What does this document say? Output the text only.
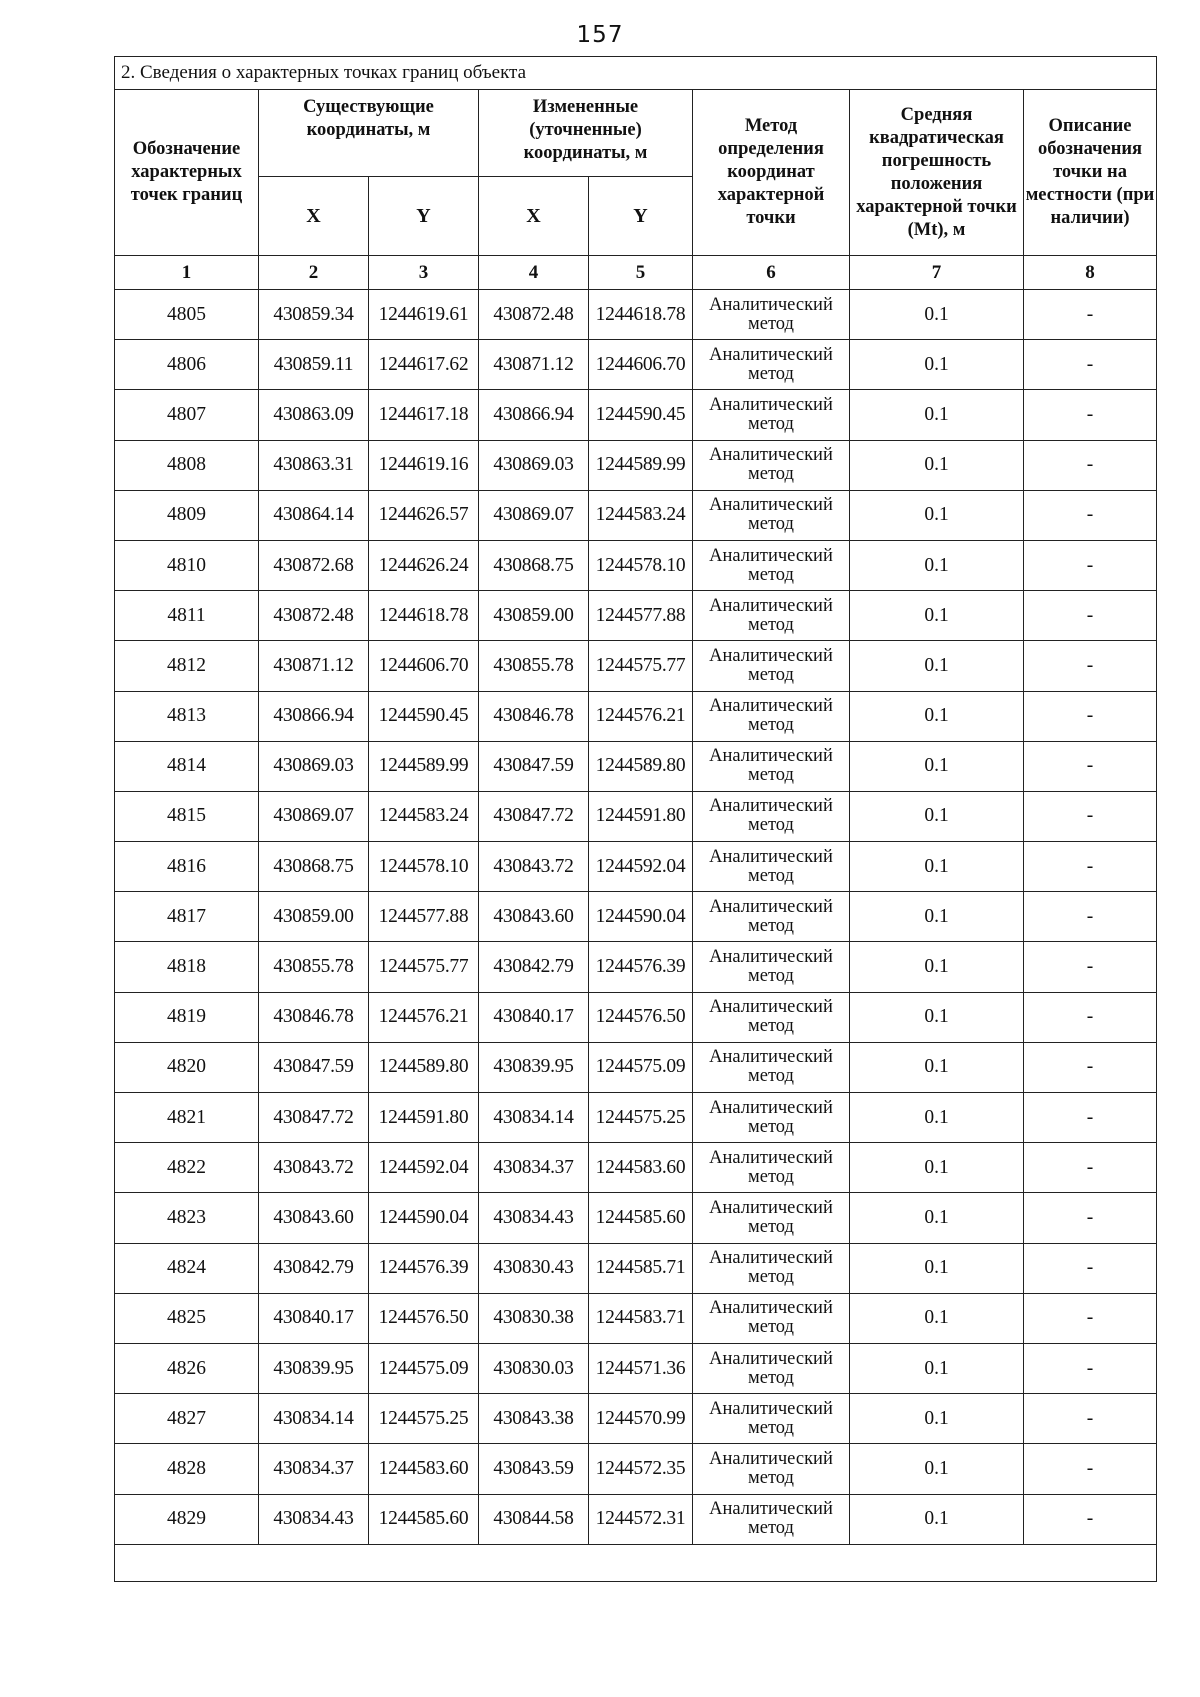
157
2. Сведения о характерных точках границ объекта							
Обозначение характерных точек границ	Существующие координаты, м		Измененные (уточненные) координаты, м		Метод определения координат характерной точки	Средняя квадратическая погрешность положения характерной точки (Mt), м	Описание обозначения точки на местности (при наличии)
	X	Y	X	Y			
1	2	3	4	5	6	7	8
4805	430859.34	1244619.61	430872.48	1244618.78	Аналитический метод	0.1	-
4806	430859.11	1244617.62	430871.12	1244606.70	Аналитический метод	0.1	-
4807	430863.09	1244617.18	430866.94	1244590.45	Аналитический метод	0.1	-
4808	430863.31	1244619.16	430869.03	1244589.99	Аналитический метод	0.1	-
4809	430864.14	1244626.57	430869.07	1244583.24	Аналитический метод	0.1	-
4810	430872.68	1244626.24	430868.75	1244578.10	Аналитический метод	0.1	-
4811	430872.48	1244618.78	430859.00	1244577.88	Аналитический метод	0.1	-
4812	430871.12	1244606.70	430855.78	1244575.77	Аналитический метод	0.1	-
4813	430866.94	1244590.45	430846.78	1244576.21	Аналитический метод	0.1	-
4814	430869.03	1244589.99	430847.59	1244589.80	Аналитический метод	0.1	-
4815	430869.07	1244583.24	430847.72	1244591.80	Аналитический метод	0.1	-
4816	430868.75	1244578.10	430843.72	1244592.04	Аналитический метод	0.1	-
4817	430859.00	1244577.88	430843.60	1244590.04	Аналитический метод	0.1	-
4818	430855.78	1244575.77	430842.79	1244576.39	Аналитический метод	0.1	-
4819	430846.78	1244576.21	430840.17	1244576.50	Аналитический метод	0.1	-
4820	430847.59	1244589.80	430839.95	1244575.09	Аналитический метод	0.1	-
4821	430847.72	1244591.80	430834.14	1244575.25	Аналитический метод	0.1	-
4822	430843.72	1244592.04	430834.37	1244583.60	Аналитический метод	0.1	-
4823	430843.60	1244590.04	430834.43	1244585.60	Аналитический метод	0.1	-
4824	430842.79	1244576.39	430830.43	1244585.71	Аналитический метод	0.1	-
4825	430840.17	1244576.50	430830.38	1244583.71	Аналитический метод	0.1	-
4826	430839.95	1244575.09	430830.03	1244571.36	Аналитический метод	0.1	-
4827	430834.14	1244575.25	430843.38	1244570.99	Аналитический метод	0.1	-
4828	430834.37	1244583.60	430843.59	1244572.35	Аналитический метод	0.1	-
4829	430834.43	1244585.60	430844.58	1244572.31	Аналитический метод	0.1	-
